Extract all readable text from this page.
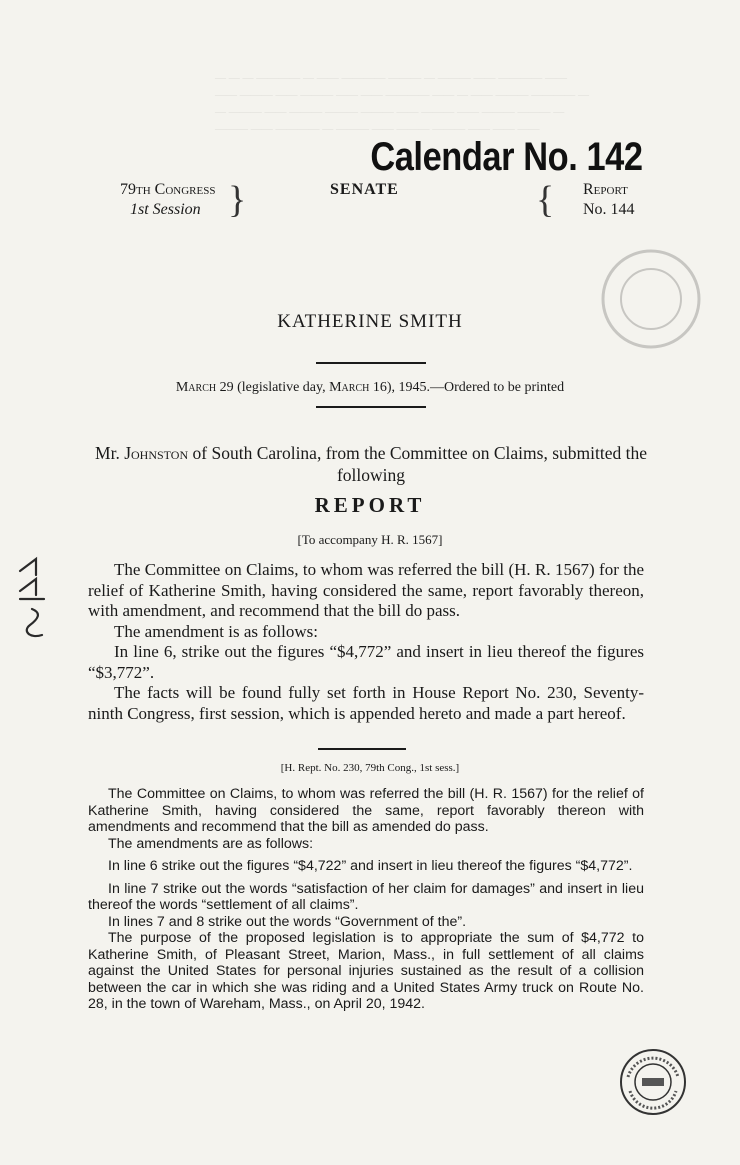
— — — ———— — —— ———— ——— — ——— —— ———— ——
—— ——— —— ——— —— —— ———— —— — —— ——— ———— —
— ——— —— ——— ——— ——— —— ——— —— ——— ——— —
——— —— ———— — ——— —— ——— ——— —— —— ——
Calendar No. 142
79th Congress
1st Session }	SENATE	{ Report
No. 144
KATHERINE SMITH
March 29 (legislative day, March 16), 1945.—Ordered to be printed
Mr. Johnston of South Carolina, from the Committee on Claims, submitted the following
REPORT
[To accompany H. R. 1567]

The Committee on Claims, to whom was referred the bill (H. R. 1567) for the relief of Katherine Smith, having considered the same, report favorably thereon, with amendment, and recommend that the bill do pass.

The amendment is as follows:

In line 6, strike out the figures “$4,772” and insert in lieu thereof the figures “$3,772”.

The facts will be found fully set forth in House Report No. 230, Seventy-ninth Congress, first session, which is appended hereto and made a part hereof.

[H. Rept. No. 230, 79th Cong., 1st sess.]

The Committee on Claims, to whom was referred the bill (H. R. 1567) for the relief of Katherine Smith, having considered the same, report favorably thereon with amendments and recommend that the bill as amended do pass.

The amendments are as follows:

In line 6 strike out the figures “$4,722” and insert in lieu thereof the figures “$4,772”.

In line 7 strike out the words “satisfaction of her claim for damages” and insert in lieu thereof the words “settlement of all claims”.

In lines 7 and 8 strike out the words “Government of the”.

The purpose of the proposed legislation is to appropriate the sum of $4,772 to Katherine Smith, of Pleasant Street, Marion, Mass., in full settlement of all claims against the United States for personal injuries sustained as the result of a collision between the car in which she was riding and a United States Army truck on Route No. 28, in the town of Wareham, Mass., on April 20, 1942.
